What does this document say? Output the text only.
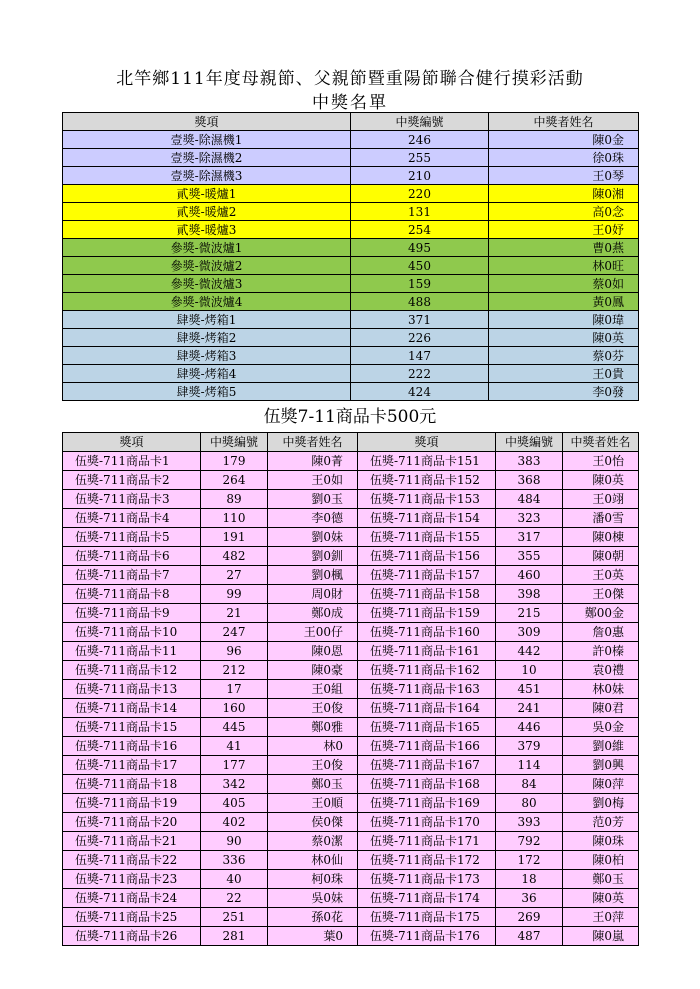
北竿鄉111年度母親節、父親節暨重陽節聯合健行摸彩活動
中獎名單
獎項	中獎編號	中獎者姓名
壹獎-除濕機1	246	陳0金
壹獎-除濕機2	255	徐0珠
壹獎-除濕機3	210	王0琴
貳獎-暖爐1	220	陳0湘
貳獎-暖爐2	131	高0念
貳獎-暖爐3	254	王0妤
參獎-微波爐1	495	曹0燕
參獎-微波爐2	450	林0旺
參獎-微波爐3	159	蔡0如
參獎-微波爐4	488	黃0鳳
肆獎-烤箱1	371	陳0瑋
肆獎-烤箱2	226	陳0英
肆獎-烤箱3	147	蔡0芬
肆獎-烤箱4	222	王0貴
肆獎-烤箱5	424	李0發
伍獎7-11商品卡500元
獎項	中獎編號	中獎者姓名	獎項	中獎編號	中獎者姓名
伍獎-711商品卡1	179	陳0菁	伍獎-711商品卡151	383	王0怡
伍獎-711商品卡2	264	王0如	伍獎-711商品卡152	368	陳0英
伍獎-711商品卡3	89	劉0玉	伍獎-711商品卡153	484	王0翊
伍獎-711商品卡4	110	李0德	伍獎-711商品卡154	323	潘0雪
伍獎-711商品卡5	191	劉0妹	伍獎-711商品卡155	317	陳0棟
伍獎-711商品卡6	482	劉0釧	伍獎-711商品卡156	355	陳0朝
伍獎-711商品卡7	27	劉0楓	伍獎-711商品卡157	460	王0英
伍獎-711商品卡8	99	周0財	伍獎-711商品卡158	398	王0傑
伍獎-711商品卡9	21	鄭0成	伍獎-711商品卡159	215	鄭00金
伍獎-711商品卡10	247	王00仔	伍獎-711商品卡160	309	詹0惠
伍獎-711商品卡11	96	陳0恩	伍獎-711商品卡161	442	許0榛
伍獎-711商品卡12	212	陳0豪	伍獎-711商品卡162	10	袁0禮
伍獎-711商品卡13	17	王0組	伍獎-711商品卡163	451	林0妹
伍獎-711商品卡14	160	王0俊	伍獎-711商品卡164	241	陳0君
伍獎-711商品卡15	445	鄭0雅	伍獎-711商品卡165	446	吳0金
伍獎-711商品卡16	41	林0	伍獎-711商品卡166	379	劉0維
伍獎-711商品卡17	177	王0俊	伍獎-711商品卡167	114	劉0興
伍獎-711商品卡18	342	鄭0玉	伍獎-711商品卡168	84	陳0萍
伍獎-711商品卡19	405	王0順	伍獎-711商品卡169	80	劉0梅
伍獎-711商品卡20	402	侯0傑	伍獎-711商品卡170	393	范0芳
伍獎-711商品卡21	90	蔡0潔	伍獎-711商品卡171	792	陳0珠
伍獎-711商品卡22	336	林0仙	伍獎-711商品卡172	172	陳0柏
伍獎-711商品卡23	40	柯0珠	伍獎-711商品卡173	18	鄭0玉
伍獎-711商品卡24	22	吳0妹	伍獎-711商品卡174	36	陳0英
伍獎-711商品卡25	251	孫0花	伍獎-711商品卡175	269	王0萍
伍獎-711商品卡26	281	葉0	伍獎-711商品卡176	487	陳0嵐
